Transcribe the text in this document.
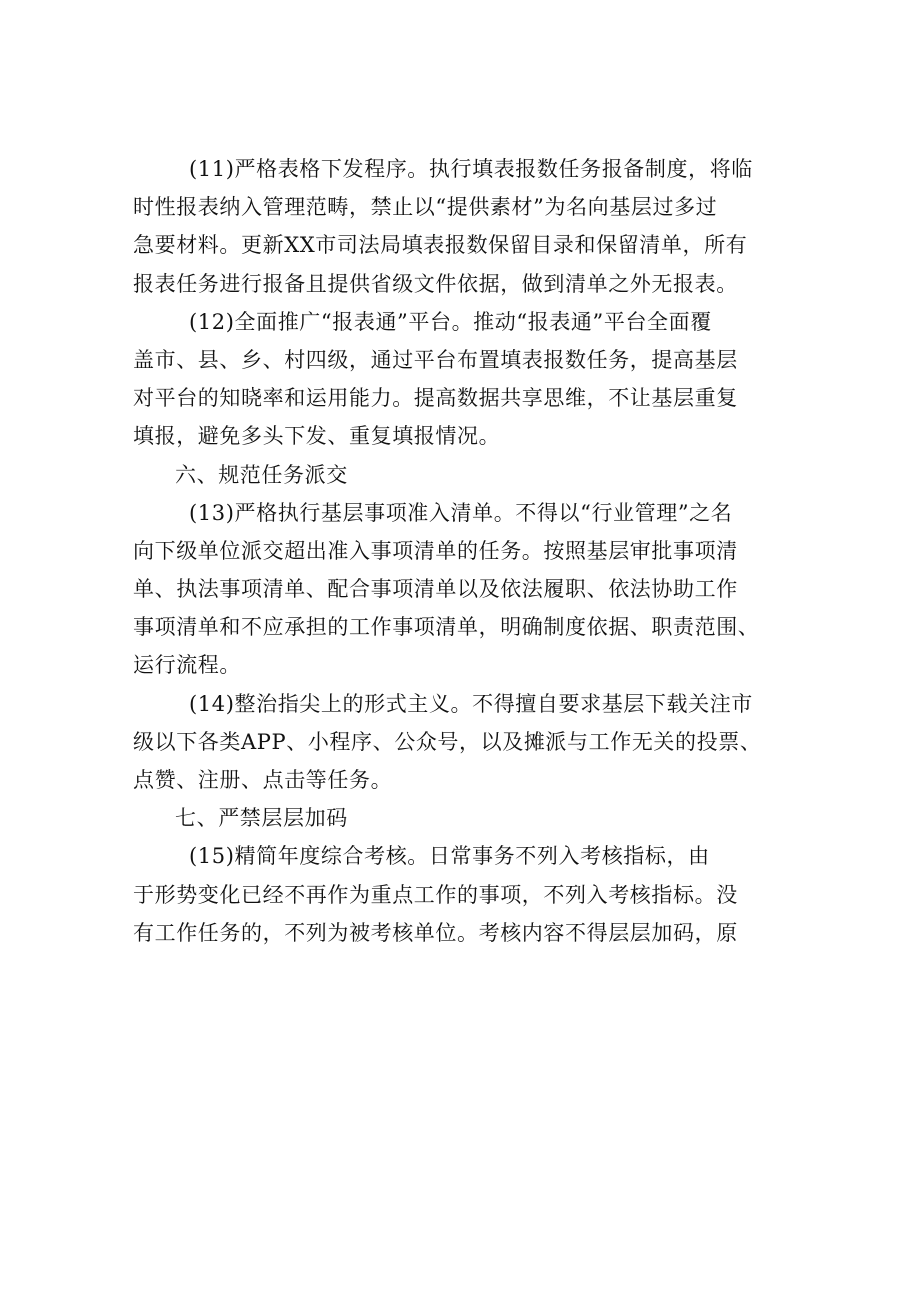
(11)严格表格下发程序。执行填表报数任务报备制度，将临
时性报表纳入管理范畴，禁止以“提供素材”为名向基层过多过
急要材料。更新XX市司法局填表报数保留目录和保留清单，所有
报表任务进行报备且提供省级文件依据，做到清单之外无报表。
(12)全面推广“报表通”平台。推动“报表通”平台全面覆
盖市、县、乡、村四级，通过平台布置填表报数任务，提高基层
对平台的知晓率和运用能力。提高数据共享思维，不让基层重复
填报，避免多头下发、重复填报情况。
六、规范任务派交
(13)严格执行基层事项准入清单。不得以“行业管理”之名
向下级单位派交超出准入事项清单的任务。按照基层审批事项清
单、执法事项清单、配合事项清单以及依法履职、依法协助工作
事项清单和不应承担的工作事项清单，明确制度依据、职责范围、
运行流程。
(14)整治指尖上的形式主义。不得擅自要求基层下载关注市
级以下各类APP、小程序、公众号，以及摊派与工作无关的投票、
点赞、注册、点击等任务。
七、严禁层层加码
(15)精简年度综合考核。日常事务不列入考核指标，由
于形势变化已经不再作为重点工作的事项，不列入考核指标。没
有工作任务的，不列为被考核单位。考核内容不得层层加码，原
